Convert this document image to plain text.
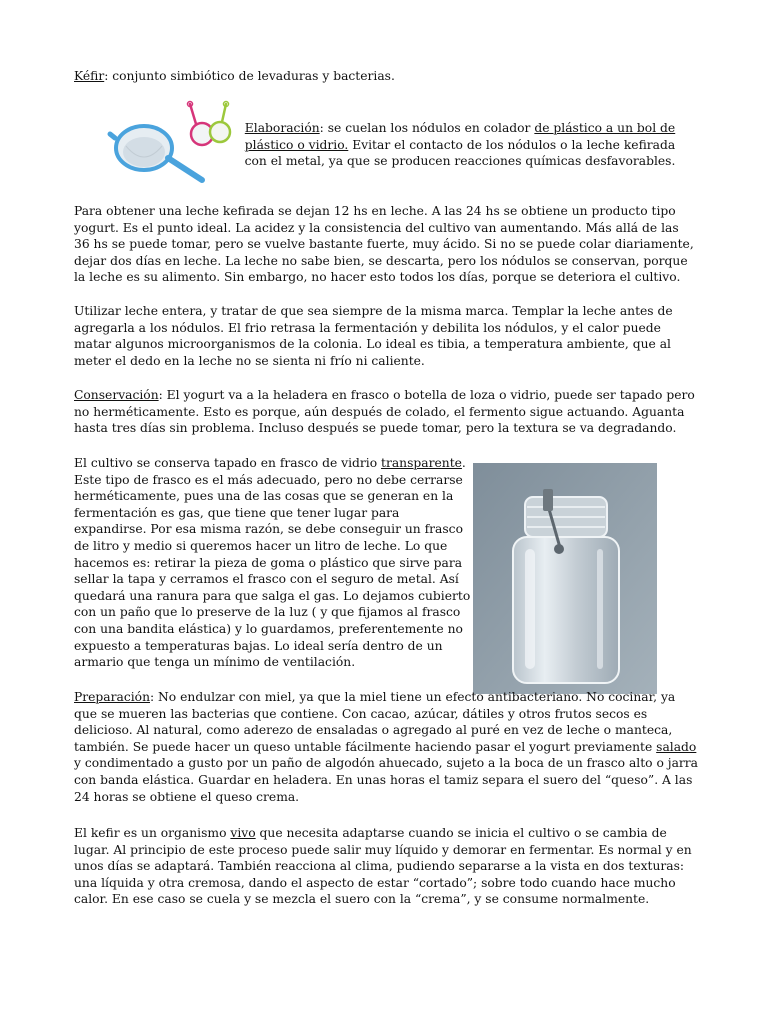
Kéfir: conjunto simbiótico de levaduras y bacterias.

Elaboración: se cuelan los nódulos en colador de plástico a un bol de plástico o vidrio. Evitar el contacto de los nódulos o la leche kefirada con el metal, ya que se producen reacciones químicas desfavorables.

Para obtener una leche kefirada se dejan 12 hs en leche. A las 24 hs se obtiene un producto tipo yogurt. Es el punto ideal. La acidez y la consistencia del cultivo van aumentando. Más allá de las 36 hs se puede tomar, pero se vuelve bastante fuerte, muy ácido. Si no se puede colar diariamente, dejar dos días en leche. La leche no sabe bien, se descarta, pero los nódulos se conservan, porque la leche es su alimento. Sin embargo, no hacer esto todos los días, porque se deteriora el cultivo.

Utilizar leche entera, y tratar de que sea siempre de la misma marca. Templar la leche antes de agregarla a los nódulos. El frio retrasa la fermentación y debilita los nódulos, y el calor puede matar algunos microorganismos de la colonia. Lo ideal es tibia, a temperatura ambiente, que al meter el dedo en la leche no se sienta ni frío ni caliente.

Conservación: El yogurt va a la heladera en frasco o botella de loza o vidrio, puede ser tapado pero no herméticamente. Esto es porque, aún después de colado, el fermento sigue actuando. Aguanta hasta tres días sin problema. Incluso después se puede tomar, pero la textura se va degradando.

El cultivo se conserva tapado en frasco de vidrio transparente. Este tipo de frasco es el más adecuado, pero no debe cerrarse herméticamente, pues una de las cosas que se generan en la fermentación es gas, que tiene que tener lugar para expandirse. Por esa misma razón, se debe conseguir un frasco de litro y medio si queremos hacer un litro de leche. Lo que hacemos es: retirar la pieza de goma o plástico que sirve para sellar la tapa y cerramos el frasco con el seguro de metal. Así quedará una ranura para que salga el gas. Lo dejamos cubierto con un paño que lo preserve de la luz ( y que fijamos al frasco con una bandita elástica) y lo guardamos, preferentemente no expuesto a temperaturas bajas. Lo ideal sería dentro de un armario que tenga un mínimo de ventilación.

Preparación: No endulzar con miel, ya que la miel tiene un efecto antibacteriano. No cocinar, ya que se mueren las bacterias que contiene. Con cacao, azúcar, dátiles y otros frutos secos es delicioso. Al natural, como aderezo de ensaladas o agregado al puré en vez de leche o manteca, también. Se puede hacer un queso untable fácilmente haciendo pasar el yogurt previamente salado y condimentado a gusto por un paño de algodón ahuecado, sujeto a la boca de un frasco alto o jarra con banda elástica. Guardar en heladera. En unas horas el tamiz separa el suero del “queso”. A las 24 horas se obtiene el queso crema.

El kefir es un organismo vivo que necesita adaptarse cuando se inicia el cultivo o se cambia de lugar. Al principio de este proceso puede salir muy líquido y demorar en fermentar. Es normal y en unos días se adaptará. También reacciona al clima, pudiendo separarse a la vista en dos texturas: una líquida y otra cremosa, dando el aspecto de estar “cortado”; sobre todo cuando hace mucho calor. En ese caso se cuela y se mezcla el suero con la “crema”, y se consume normalmente.
